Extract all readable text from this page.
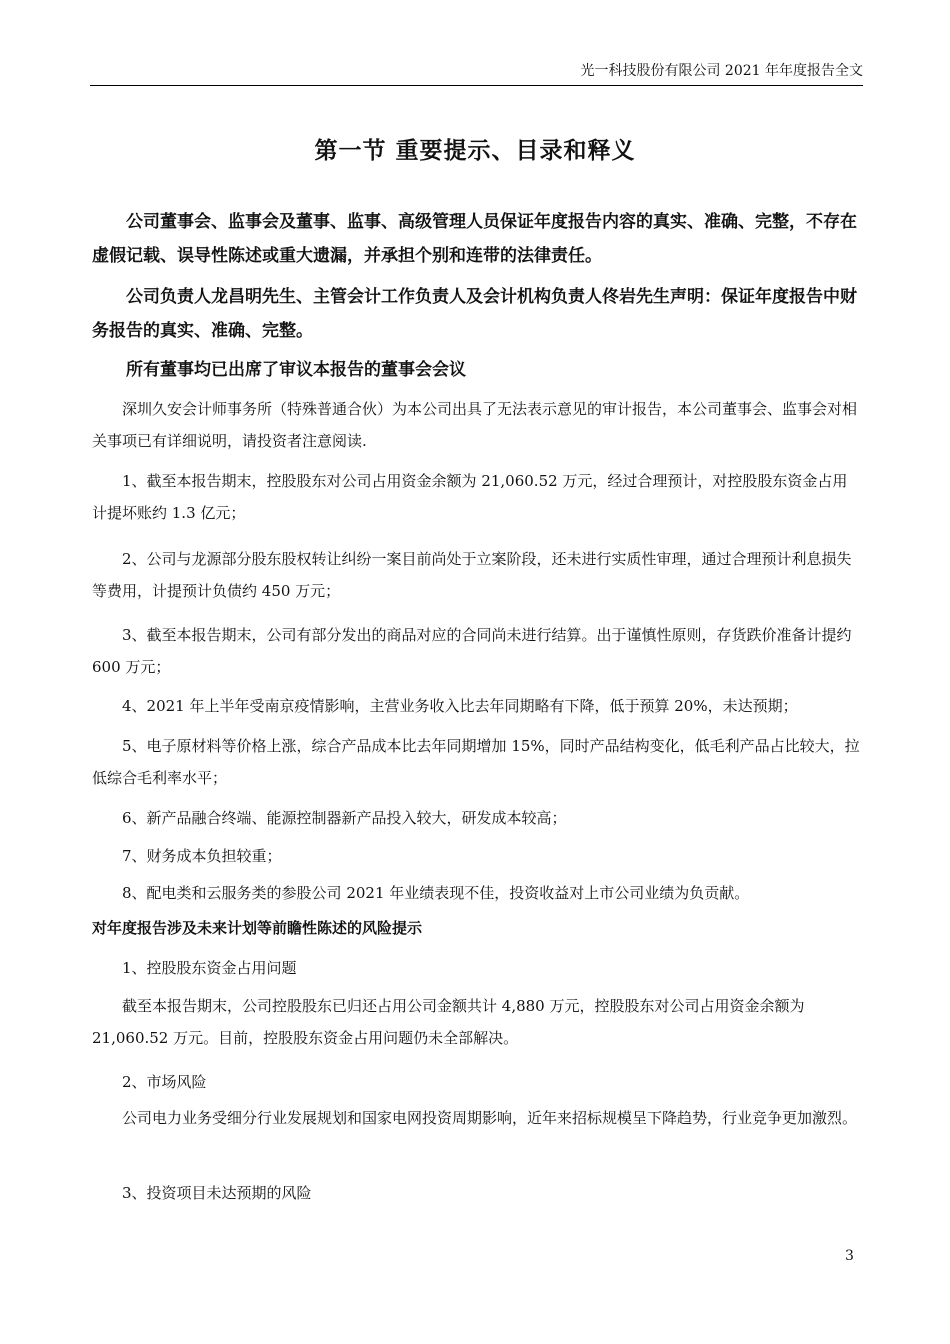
光一科技股份有限公司 2021 年年度报告全文
第一节 重要提示、目录和释义

公司董事会、监事会及董事、监事、高级管理人员保证年度报告内容的真实、准确、完整，不存在虚假记载、误导性陈述或重大遗漏，并承担个别和连带的法律责任。

公司负责人龙昌明先生、主管会计工作负责人及会计机构负责人佟岩先生声明：保证年度报告中财务报告的真实、准确、完整。

所有董事均已出席了审议本报告的董事会会议

深圳久安会计师事务所（特殊普通合伙）为本公司出具了无法表示意见的审计报告，本公司董事会、监事会对相关事项已有详细说明，请投资者注意阅读.

1、截至本报告期末，控股股东对公司占用资金余额为 21,060.52 万元，经过合理预计，对控股股东资金占用计提坏账约 1.3 亿元；

2、公司与龙源部分股东股权转让纠纷一案目前尚处于立案阶段，还未进行实质性审理，通过合理预计利息损失等费用，计提预计负债约 450 万元；

3、截至本报告期末，公司有部分发出的商品对应的合同尚未进行结算。出于谨慎性原则，存货跌价准备计提约 600 万元；

4、2021 年上半年受南京疫情影响，主营业务收入比去年同期略有下降，低于预算 20%，未达预期；

5、电子原材料等价格上涨，综合产品成本比去年同期增加 15%，同时产品结构变化，低毛利产品占比较大，拉低综合毛利率水平；

6、新产品融合终端、能源控制器新产品投入较大，研发成本较高；

7、财务成本负担较重；

8、配电类和云服务类的参股公司 2021 年业绩表现不佳，投资收益对上市公司业绩为负贡献。

对年度报告涉及未来计划等前瞻性陈述的风险提示

1、控股股东资金占用问题

截至本报告期末，公司控股股东已归还占用公司金额共计 4,880 万元，控股股东对公司占用资金余额为 21,060.52 万元。目前，控股股东资金占用问题仍未全部解决。

2、市场风险

公司电力业务受细分行业发展规划和国家电网投资周期影响，近年来招标规模呈下降趋势，行业竞争更加激烈。

3、投资项目未达预期的风险

3
